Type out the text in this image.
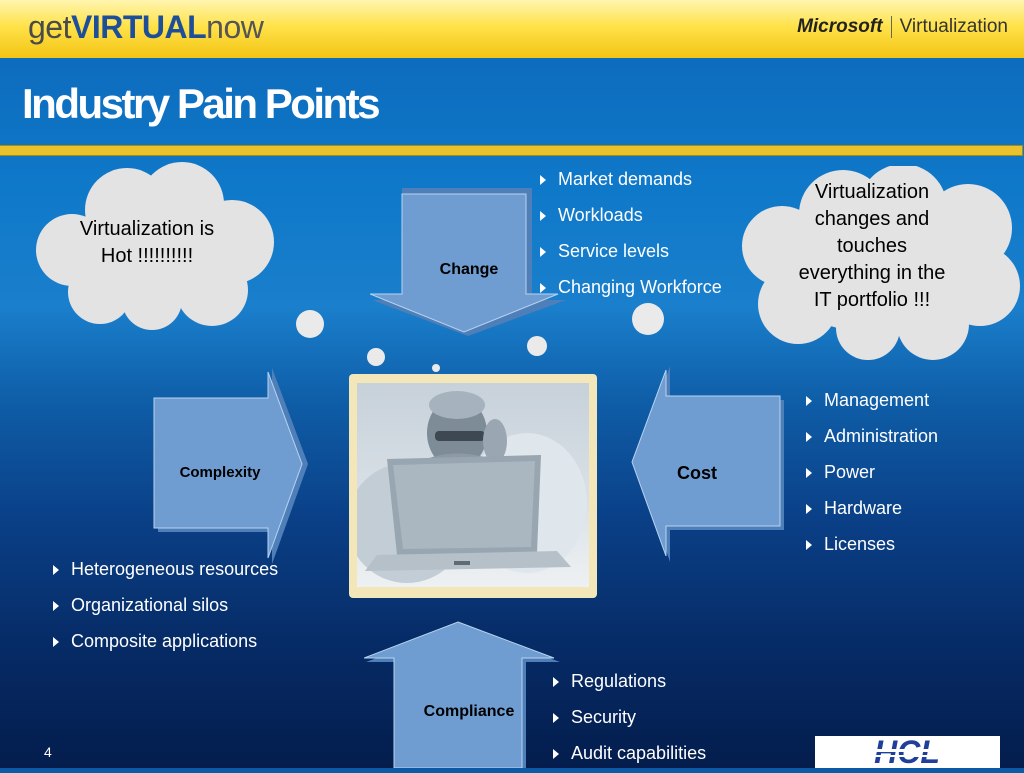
getVIRTUALnow	Microsoft Virtualization
Industry Pain Points
Virtualization is Hot !!!!!!!!!!
Virtualization changes and touches everything in the IT portfolio !!!
Change
Complexity	Cost
Compliance
Market demands
Workloads
Service levels
Changing Workforce
Management
Administration
Power
Hardware
Licenses
Heterogeneous resources
Organizational silos
Composite applications
Regulations
Security
Audit capabilities
4
